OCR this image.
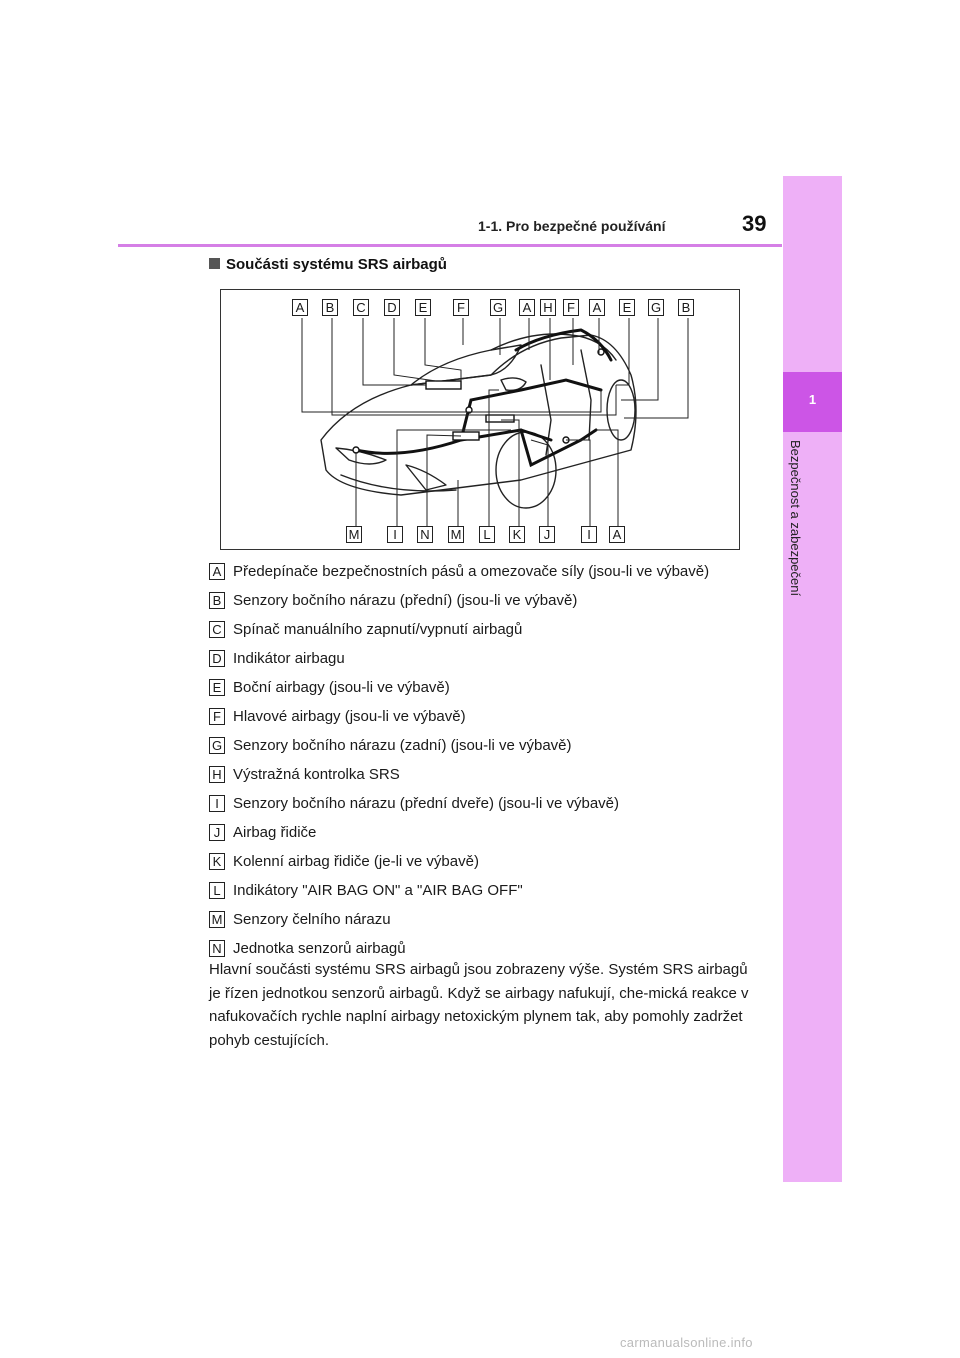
1-1. Pro bezpečné používání	39
1
Bezpečnost a zabezpečení
Součásti systému SRS airbagů
A B C D E	F	G A H	F	A E G B
M	I	N M	L	K	J	I	A
A Předepínače bezpečnostních pásů a omezovače síly (jsou-li ve výbavě)
B Senzory bočního nárazu (přední) (jsou-li ve výbavě)
C Spínač manuálního zapnutí/vypnutí airbagů
D Indikátor airbagu
E Boční airbagy (jsou-li ve výbavě)
F Hlavové airbagy (jsou-li ve výbavě)
G Senzory bočního nárazu (zadní) (jsou-li ve výbavě)
H Výstražná kontrolka SRS
I Senzory bočního nárazu (přední dveře) (jsou-li ve výbavě)
J Airbag řidiče
K Kolenní airbag řidiče (je-li ve výbavě)
L Indikátory "AIR BAG ON" a "AIR BAG OFF"
M Senzory čelního nárazu
N Jednotka senzorů airbagů
Hlavní součásti systému SRS airbagů jsou zobrazeny výše. Systém SRS airbagů je řízen jednotkou senzorů airbagů. Když se airbagy nafukují, che-mická reakce v nafukovačích rychle naplní airbagy netoxickým plynem tak, aby pomohly zadržet pohyb cestujících.
carmanualsonline.info
